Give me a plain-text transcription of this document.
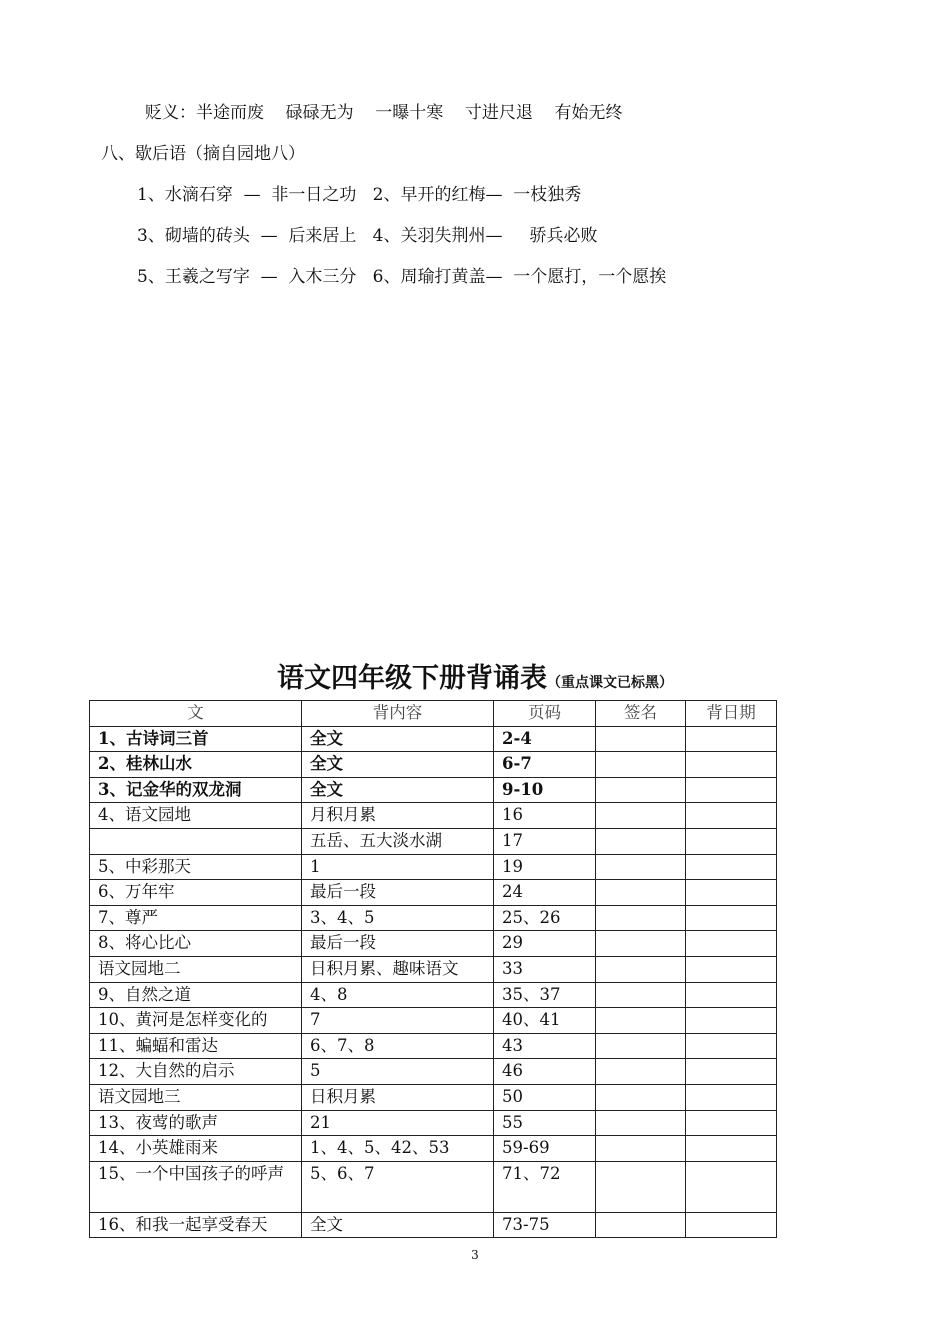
贬义：半途而废    碌碌无为    一曝十寒    寸进尺退    有始无终
八、歇后语（摘自园地八）
1、水滴石穿  —  非一日之功   2、早开的红梅—  一枝独秀
3、砌墙的砖头  —  后来居上   4、关羽失荆州—     骄兵必败
5、王羲之写字  —  入木三分   6、周瑜打黄盖—  一个愿打，一个愿挨
语文四年级下册背诵表（重点课文已标黑）
文	背内容	页码	签名	背日期
1、古诗词三首	全文	2-4		
2、桂林山水	全文	6-7		
3、记金华的双龙洞	全文	9-10		
4、语文园地	月积月累	16		
	五岳、五大淡水湖	17		
5、中彩那天	1	19		
6、万年牢	最后一段	24		
7、尊严	3、4、5	25、26		
8、将心比心	最后一段	29		
语文园地二	日积月累、趣味语文	33		
9、自然之道	4、8	35、37		
10、黄河是怎样变化的	7	40、41		
11、蝙蝠和雷达	6、7、8	43		
12、大自然的启示	5	46		
语文园地三	日积月累	50		
13、夜莺的歌声	21	55		
14、小英雄雨来	1、4、5、42、53	59-69		
15、一个中国孩子的呼声	5、6、7	71、72		
16、和我一起享受春天	全文	73-75		
3
